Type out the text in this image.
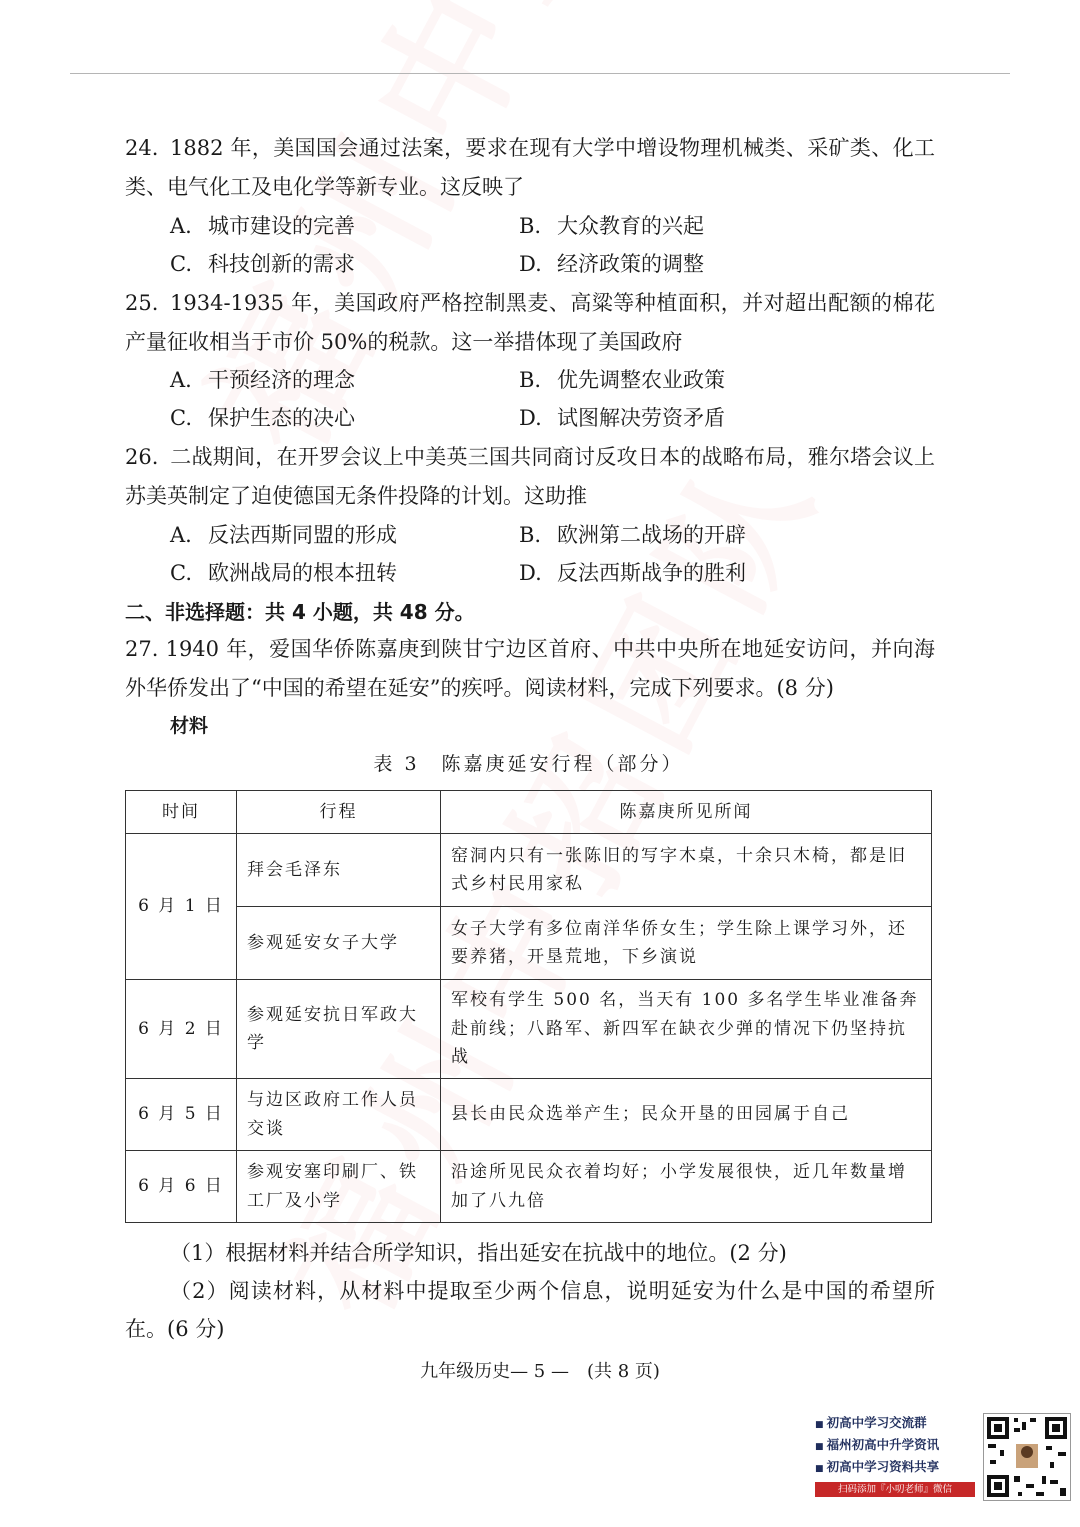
24. 1882 年，美国国会通过法案，要求在现有大学中增设物理机械类、采矿类、化工类、电气化工及电化学等新专业。这反映了
A. 城市建设的完善	B. 大众教育的兴起
C. 科技创新的需求	D. 经济政策的调整
25. 1934-1935 年，美国政府严格控制黑麦、高粱等种植面积，并对超出配额的棉花产量征收相当于市价 50%的税款。这一举措体现了美国政府
A. 干预经济的理念	B. 优先调整农业政策
C. 保护生态的决心	D. 试图解决劳资矛盾
26. 二战期间，在开罗会议上中美英三国共同商讨反攻日本的战略布局，雅尔塔会议上苏美英制定了迫使德国无条件投降的计划。这助推
A. 反法西斯同盟的形成	B. 欧洲第二战场的开辟
C. 欧洲战局的根本扭转	D. 反法西斯战争的胜利
二、非选择题：共 4 小题，共 48 分。
27. 1940 年，爱国华侨陈嘉庚到陕甘宁边区首府、中共中央所在地延安访问，并向海外华侨发出了“中国的希望在延安”的疾呼。阅读材料，完成下列要求。(8 分)
材料
表 3　陈嘉庚延安行程（部分）
时间	行程	陈嘉庚所见所闻
6 月 1 日	拜会毛泽东	窑洞内只有一张陈旧的写字木桌，十余只木椅，都是旧式乡村民用家私
	参观延安女子大学	女子大学有多位南洋华侨女生；学生除上课学习外，还要养猪，开垦荒地，下乡演说
6 月 2 日	参观延安抗日军政大学	军校有学生 500 名，当天有 100 多名学生毕业准备奔赴前线；八路军、新四军在缺衣少弹的情况下仍坚持抗战
6 月 5 日	与边区政府工作人员交谈	县长由民众选举产生；民众开垦的田园属于自己
6 月 6 日	参观安塞印刷厂、铁工厂及小学	沿途所见民众衣着均好；小学发展很快，近几年数量增加了八九倍
（1）根据材料并结合所学知识，指出延安在抗战中的地位。(2 分)
（2）阅读材料，从材料中提取至少两个信息，说明延安为什么是中国的希望所在。(6 分)
九年级历史— 5 —　(共 8 页)
■ 初高中学习交流群
■ 福州初高中升学资讯
■ 初高中学习资料共享
扫码添加『小叨老师』微信
